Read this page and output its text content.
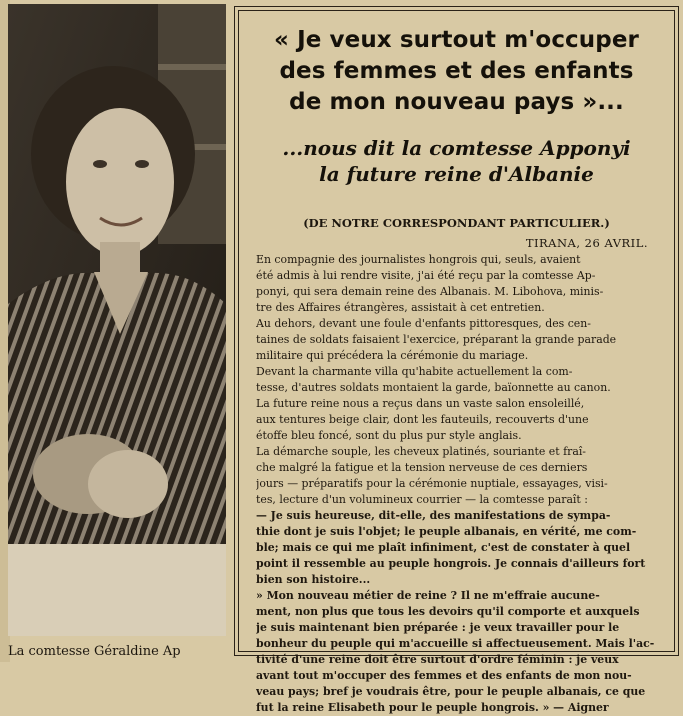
La comtesse Géraldine Ap
« Je veux surtout m'occuper
des femmes et des enfants
de mon nouveau pays »...
...nous dit la comtesse Apponyi
la future reine d'Albanie
(DE NOTRE CORRESPONDANT PARTICULIER.)
TIRANA, 26 AVRIL.
En compagnie des journalistes hongrois qui, seuls, avaient
été admis à lui rendre visite, j'ai été reçu par la comtesse Ap-
ponyi, qui sera demain reine des Albanais. M. Libohova, minis-
tre des Affaires étrangères, assistait à cet entretien.
Au dehors, devant une foule d'enfants pittoresques, des cen-
taines de soldats faisaient l'exercice, préparant la grande parade
militaire qui précédera la cérémonie du mariage.
Devant la charmante villa qu'habite actuellement la com-
tesse, d'autres soldats montaient la garde, baïonnette au canon.
La future reine nous a reçus dans un vaste salon ensoleillé,
aux tentures beige clair, dont les fauteuils, recouverts d'une
étoffe bleu foncé, sont du plus pur style anglais.
La démarche souple, les cheveux platinés, souriante et fraî-
che malgré la fatigue et la tension nerveuse de ces derniers
jours — préparatifs pour la cérémonie nuptiale, essayages, visi-
tes, lecture d'un volumineux courrier — la comtesse paraît :
— Je suis heureuse, dit-elle, des manifestations de sympa-
thie dont je suis l'objet; le peuple albanais, en vérité, me com-
ble; mais ce qui me plaît infiniment, c'est de constater à quel
point il ressemble au peuple hongrois. Je connais d'ailleurs fort
bien son histoire...
» Mon nouveau métier de reine ? Il ne m'effraie aucune-
ment, non plus que tous les devoirs qu'il comporte et auxquels
je suis maintenant bien préparée : je veux travailler pour le
bonheur du peuple qui m'accueille si affectueusement. Mais l'ac-
tivité d'une reine doit être surtout d'ordre féminin : je veux
avant tout m'occuper des femmes et des enfants de mon nou-
veau pays; bref je voudrais être, pour le peuple albanais, ce que
fut la reine Elisabeth pour le peuple hongrois. » — Aigner
